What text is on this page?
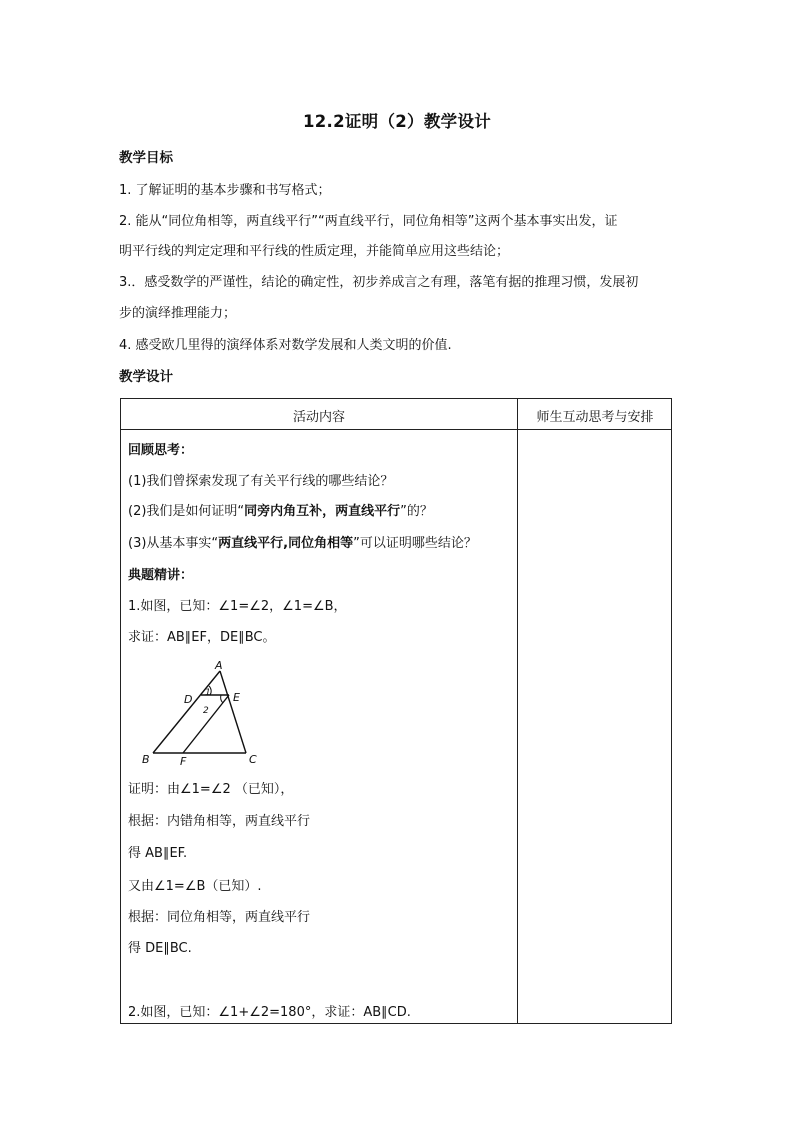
12.2证明（2）教学设计
教学目标
1. 了解证明的基本步骤和书写格式；
2. 能从“同位角相等，两直线平行”“两直线平行，同位角相等”这两个基本事实出发，证
明平行线的判定定理和平行线的性质定理，并能简单应用这些结论；
3.．感受数学的严谨性，结论的确定性，初步养成言之有理，落笔有据的推理习惯，发展初
步的演绎推理能力；
4. 感受欧几里得的演绎体系对数学发展和人类文明的价值.
教学设计
活动内容	师生互动思考与安排
回顾思考：
(1)我们曾探索发现了有关平行线的哪些结论？
(2)我们是如何证明“同旁内角互补，两直线平行”的？
(3)从基本事实“两直线平行,同位角相等”可以证明哪些结论？
典题精讲：
1.如图，已知：∠1=∠2，∠1=∠B，
求证：AB∥EF，DE∥BC。
证明：由∠1=∠2 （已知），
根据：内错角相等，两直线平行
得 AB∥EF.
又由∠1=∠B（已知）.
根据：同位角相等，两直线平行
得 DE∥BC.
2.如图，已知：∠1+∠2=180°，求证：AB∥CD.
A
D	E
B	F	C
1
2
